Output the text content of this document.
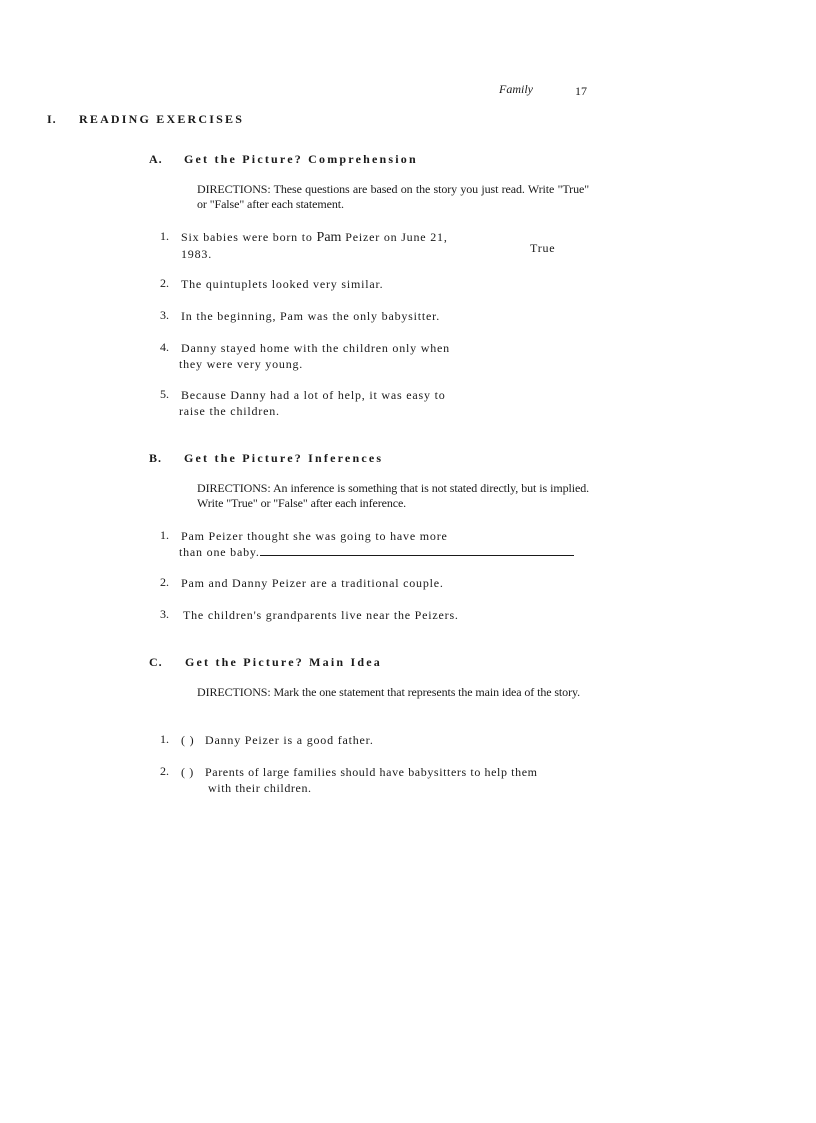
Family	17
I. READING EXERCISES
A. Get the Picture? Comprehension
DIRECTIONS: These questions are based on the story you just read. Write "True" or "False" after each statement.
1. Six babies were born to Pam Peizer on June 21,
1983.	True
2. The quintuplets looked very similar.
3. In the beginning, Pam was the only babysitter.
4. Danny stayed home with the children only when
they were very young.
5. Because Danny had a lot of help, it was easy to
raise the children.
B. Get the Picture? Inferences
DIRECTIONS: An inference is something that is not stated directly, but is implied. Write "True" or "False" after each inference.
1. Pam Peizer thought she was going to have more
than one baby.
2. Pam and Danny Peizer are a traditional couple.
3. The children's grandparents live near the Peizers.
C. Get the Picture? Main Idea
DIRECTIONS: Mark the one statement that represents the main idea of the story.
1. ( ) Danny Peizer is a good father.
2. ( ) Parents of large families should have babysitters to help them
with their children.
